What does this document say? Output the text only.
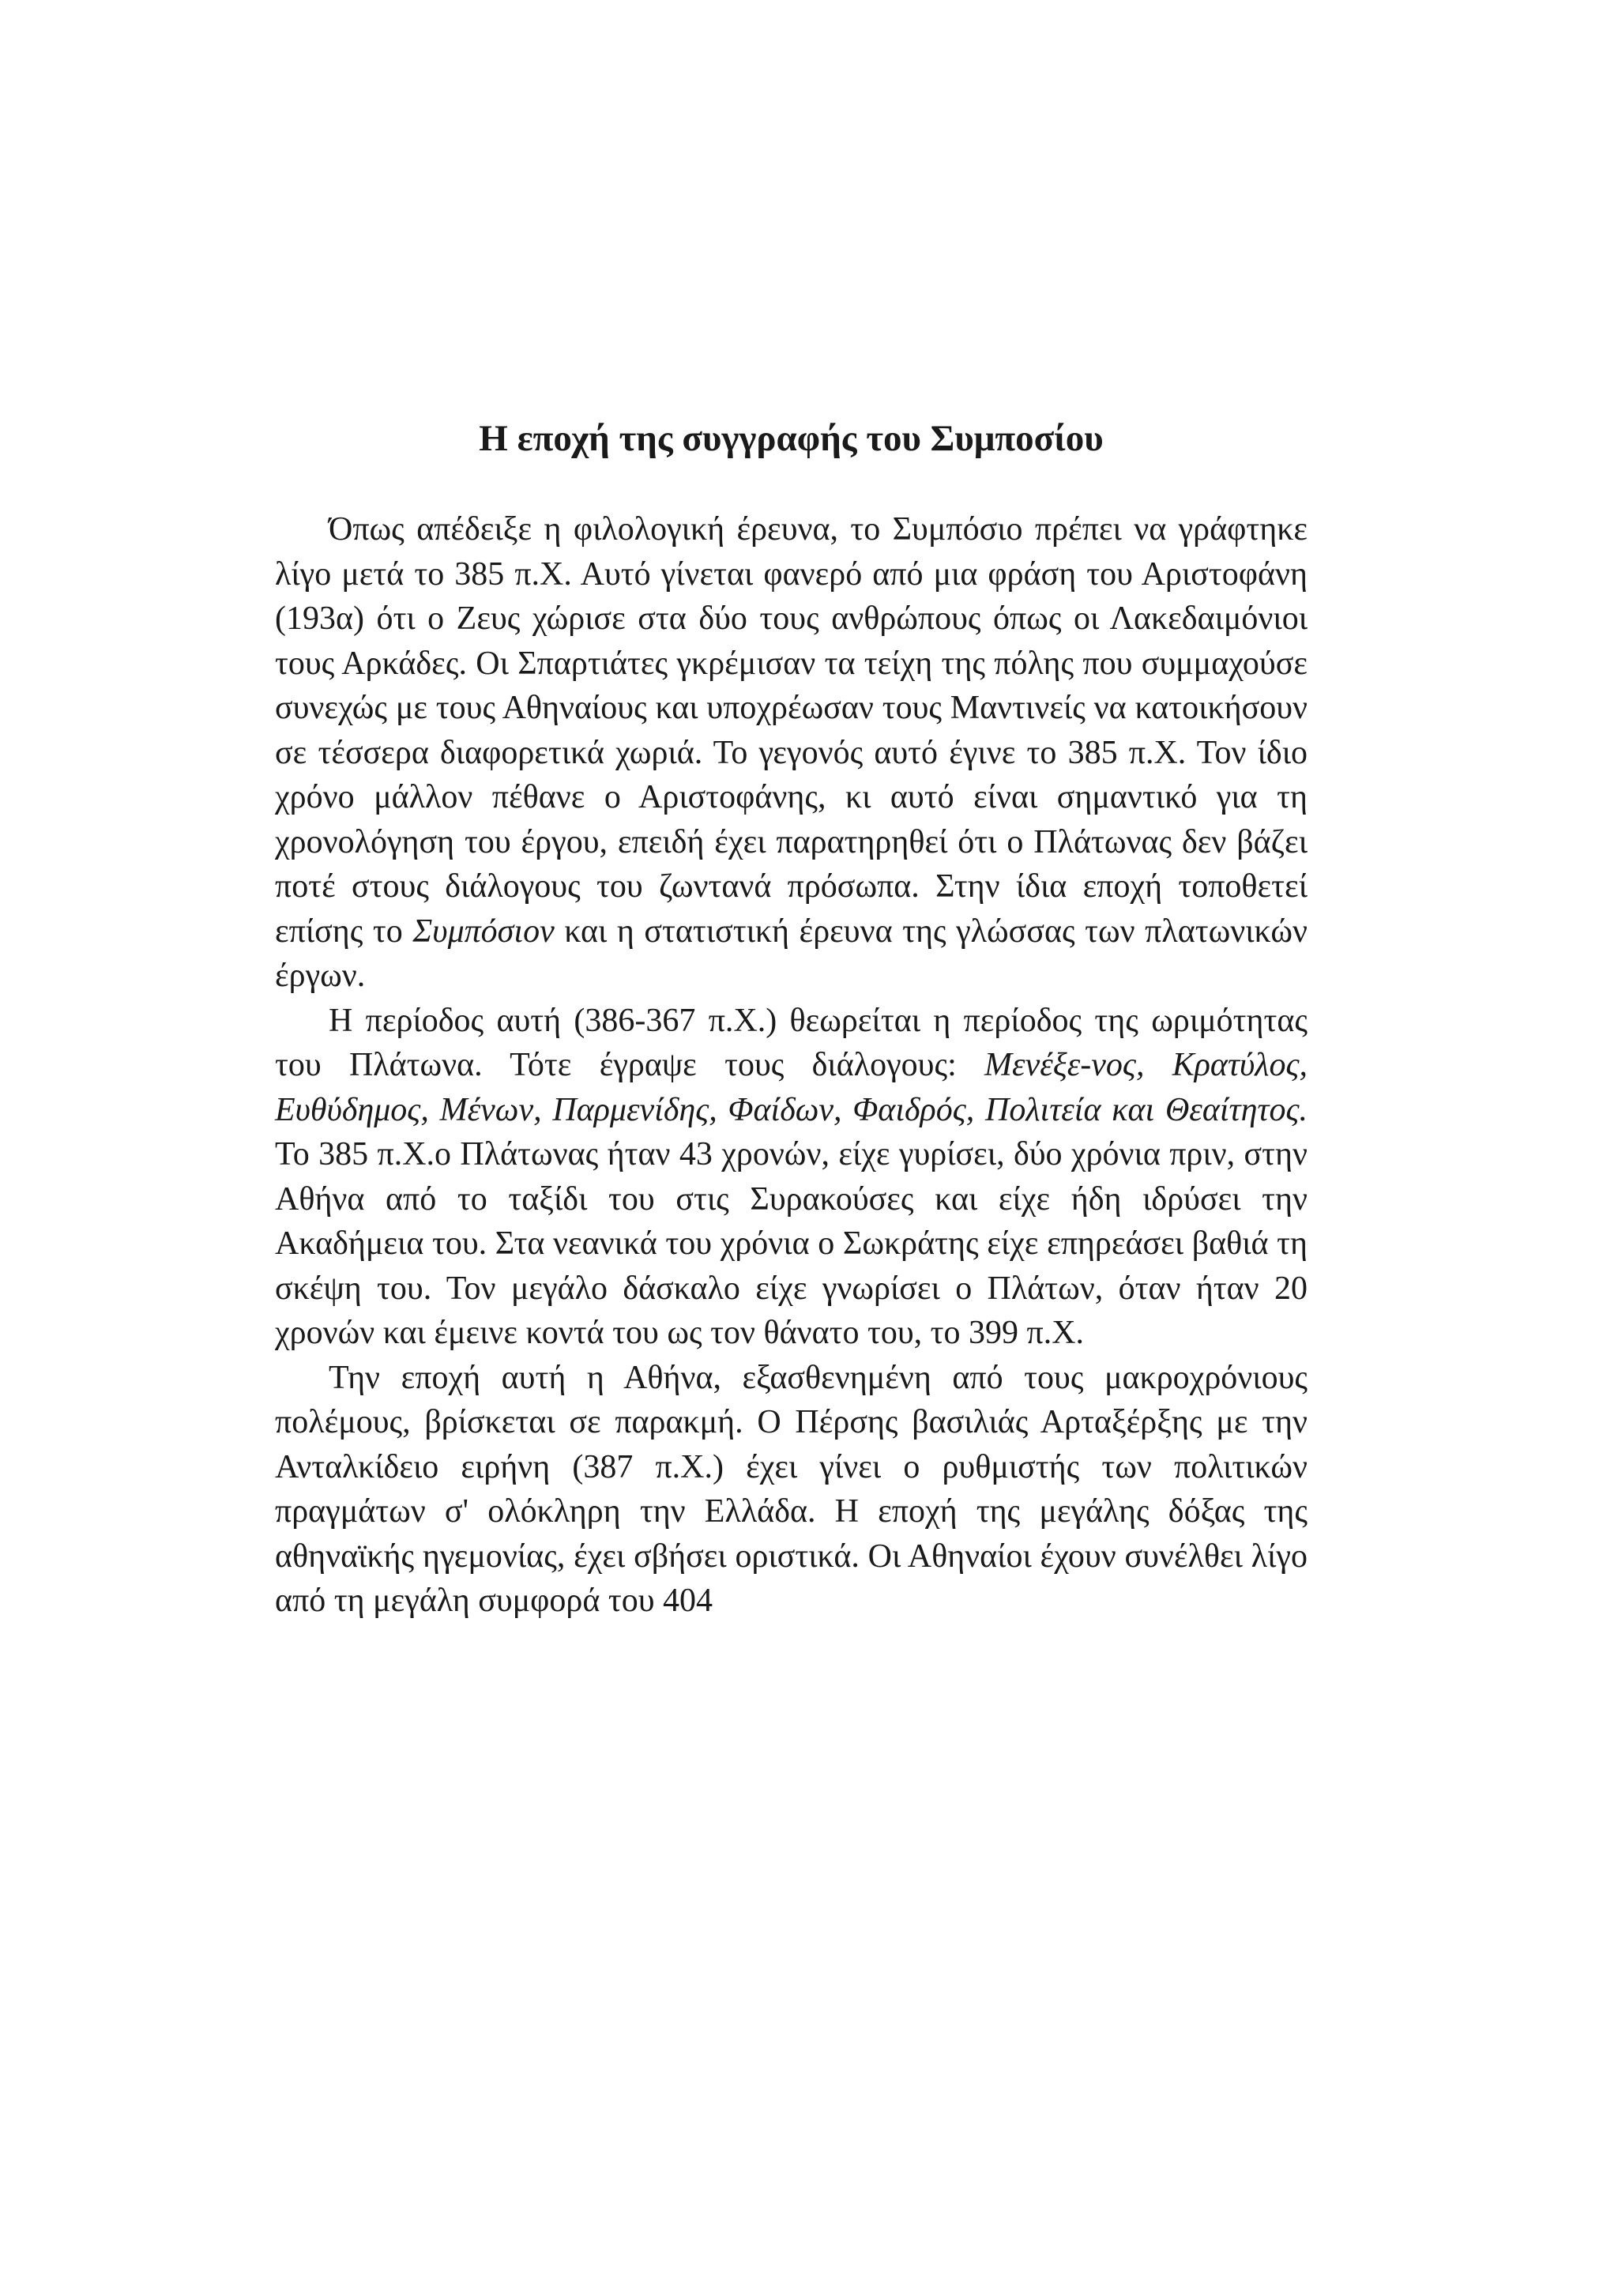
Η εποχή της συγγραφής του Συμποσίου

Όπως απέδειξε η φιλολογική έρευνα, το Συμπόσιο πρέπει να γράφτηκε λίγο μετά το 385 π.Χ. Αυτό γίνεται φανερό από μια φράση του Αριστοφάνη (193α) ότι ο Ζευς χώρισε στα δύο τους ανθρώπους όπως οι Λακεδαιμόνιοι τους Αρκάδες. Οι Σπαρτιάτες γκρέμισαν τα τείχη της πόλης που συμμαχούσε συνεχώς με τους Αθηναίους και υποχρέωσαν τους Μαντινείς να κατοικήσουν σε τέσσερα διαφορετικά χωριά. Το γεγονός αυτό έγινε το 385 π.Χ. Τον ίδιο χρόνο μάλλον πέθανε ο Αριστοφάνης, κι αυτό είναι σημαντικό για τη χρονολόγηση του έργου, επειδή έχει παρατηρηθεί ότι ο Πλάτωνας δεν βάζει ποτέ στους διάλογους του ζωντανά πρόσωπα. Στην ίδια εποχή τοποθετεί επίσης το Συμπόσιον και η στατιστική έρευνα της γλώσσας των πλατωνικών έργων.

Η περίοδος αυτή (386-367 π.Χ.) θεωρείται η περίοδος της ωριμότητας του Πλάτωνα. Τότε έγραψε τους διάλογους: Μενέξε-νος, Κρατύλος, Ευθύδημος, Μένων, Παρμενίδης, Φαίδων, Φαιδρός, Πολιτεία και Θεαίτητος. Το 385 π.Χ.ο Πλάτωνας ήταν 43 χρονών, είχε γυρίσει, δύο χρόνια πριν, στην Αθήνα από το ταξίδι του στις Συρακούσες και είχε ήδη ιδρύσει την Ακαδήμεια του. Στα νεανικά του χρόνια ο Σωκράτης είχε επηρεάσει βαθιά τη σκέψη του. Τον μεγάλο δάσκαλο είχε γνωρίσει ο Πλάτων, όταν ήταν 20 χρονών και έμεινε κοντά του ως τον θάνατο του, το 399 π.Χ.

Την εποχή αυτή η Αθήνα, εξασθενημένη από τους μακροχρόνιους πολέμους, βρίσκεται σε παρακμή. Ο Πέρσης βασιλιάς Αρταξέρξης με την Ανταλκίδειο ειρήνη (387 π.Χ.) έχει γίνει ο ρυθμιστής των πολιτικών πραγμάτων σ' ολόκληρη την Ελλάδα. Η εποχή της μεγάλης δόξας της αθηναϊκής ηγεμονίας, έχει σβήσει οριστικά. Οι Αθηναίοι έχουν συνέλθει λίγο από τη μεγάλη συμφορά του 404
